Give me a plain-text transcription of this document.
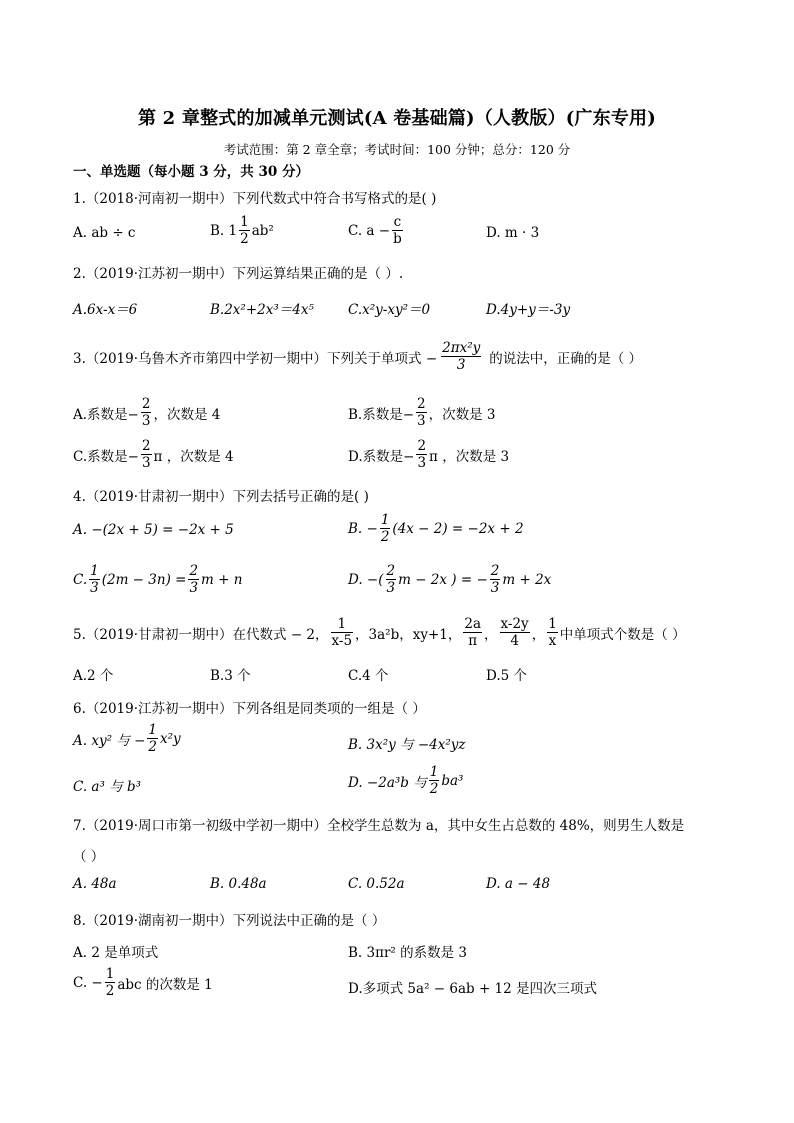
第 2 章整式的加减单元测试(A 卷基础篇)（人教版）(广东专用)
考试范围：第 2 章全章；考试时间：100 分钟；总分：120 分
一、单选题（每小题 3 分，共 30 分）
1.（2018·河南初一期中）下列代数式中符合书写格式的是( )
A. ab ÷ c	B. $1 \frac{1}{2} ab^2$	C. $a - \frac{c}{b}$	D. m · 3
2.（2019·江苏初一期中）下列运算结果正确的是（ ）.
A.6x-x＝6	B.2x²+2x³＝4x⁵	C.x²y-xy²＝0	D.4y+y＝-3y
3.（2019·乌鲁木齐市第四中学初一期中）下列关于单项式 − $\frac{\text{2πx²y}}{3}$ 的说法中，正确的是（ ）
A.系数是− $\frac{2}{3}$ ，次数是 4	B.系数是− $\frac{2}{3}$ ，次数是 3
C.系数是− $\frac{2}{3}$ π ，次数是 4	D.系数是− $\frac{2}{3}$ π ，次数是 3
4.（2019·甘肃初一期中）下列去括号正确的是( )
A. −(2x + 5) = −2x + 5	B. − $\frac{1}{2} (4x - 2) = -2x + 2$
C. $\frac{1}{3} (2m - 3n) = \frac{2}{3}$ m + n	D. −( $\frac{2}{3}$ m − 2x ) = − $\frac{2}{3}$ m + 2x
5.（2019·甘肃初一期中）在代数式 − 2， $\frac{1}{x-5}$ ，3a²b，xy+1， $\frac{2a}{\pi}$ ， $\frac{x-2y}{4}$ ， $\frac{1}{x}$ 中单项式个数是（ ）
A.2 个	B.3 个	C.4 个	D.5 个
6.（2019·江苏初一期中）下列各组是同类项的一组是（ ）
A. xy² 与 − $\frac{1}{2} x^2y$	B. 3x²y 与 −4x²yz
C. a³ 与 b³	D. −2a³b 与 $\frac{1}{2} ba^3$
7.（2019·周口市第一初级中学初一期中）全校学生总数为 a，其中女生占总数的 48%，则男生人数是
（ ）
A. 48a	B. 0.48a	C. 0.52a	D. a − 48
8.（2019·湖南初一期中）下列说法中正确的是（ ）
A. 2 是单项式	B. 3πr² 的系数是 3
C. − $\frac{1}{2}$ abc 的次数是 1	D.多项式 5a² − 6ab + 12 是四次三项式
